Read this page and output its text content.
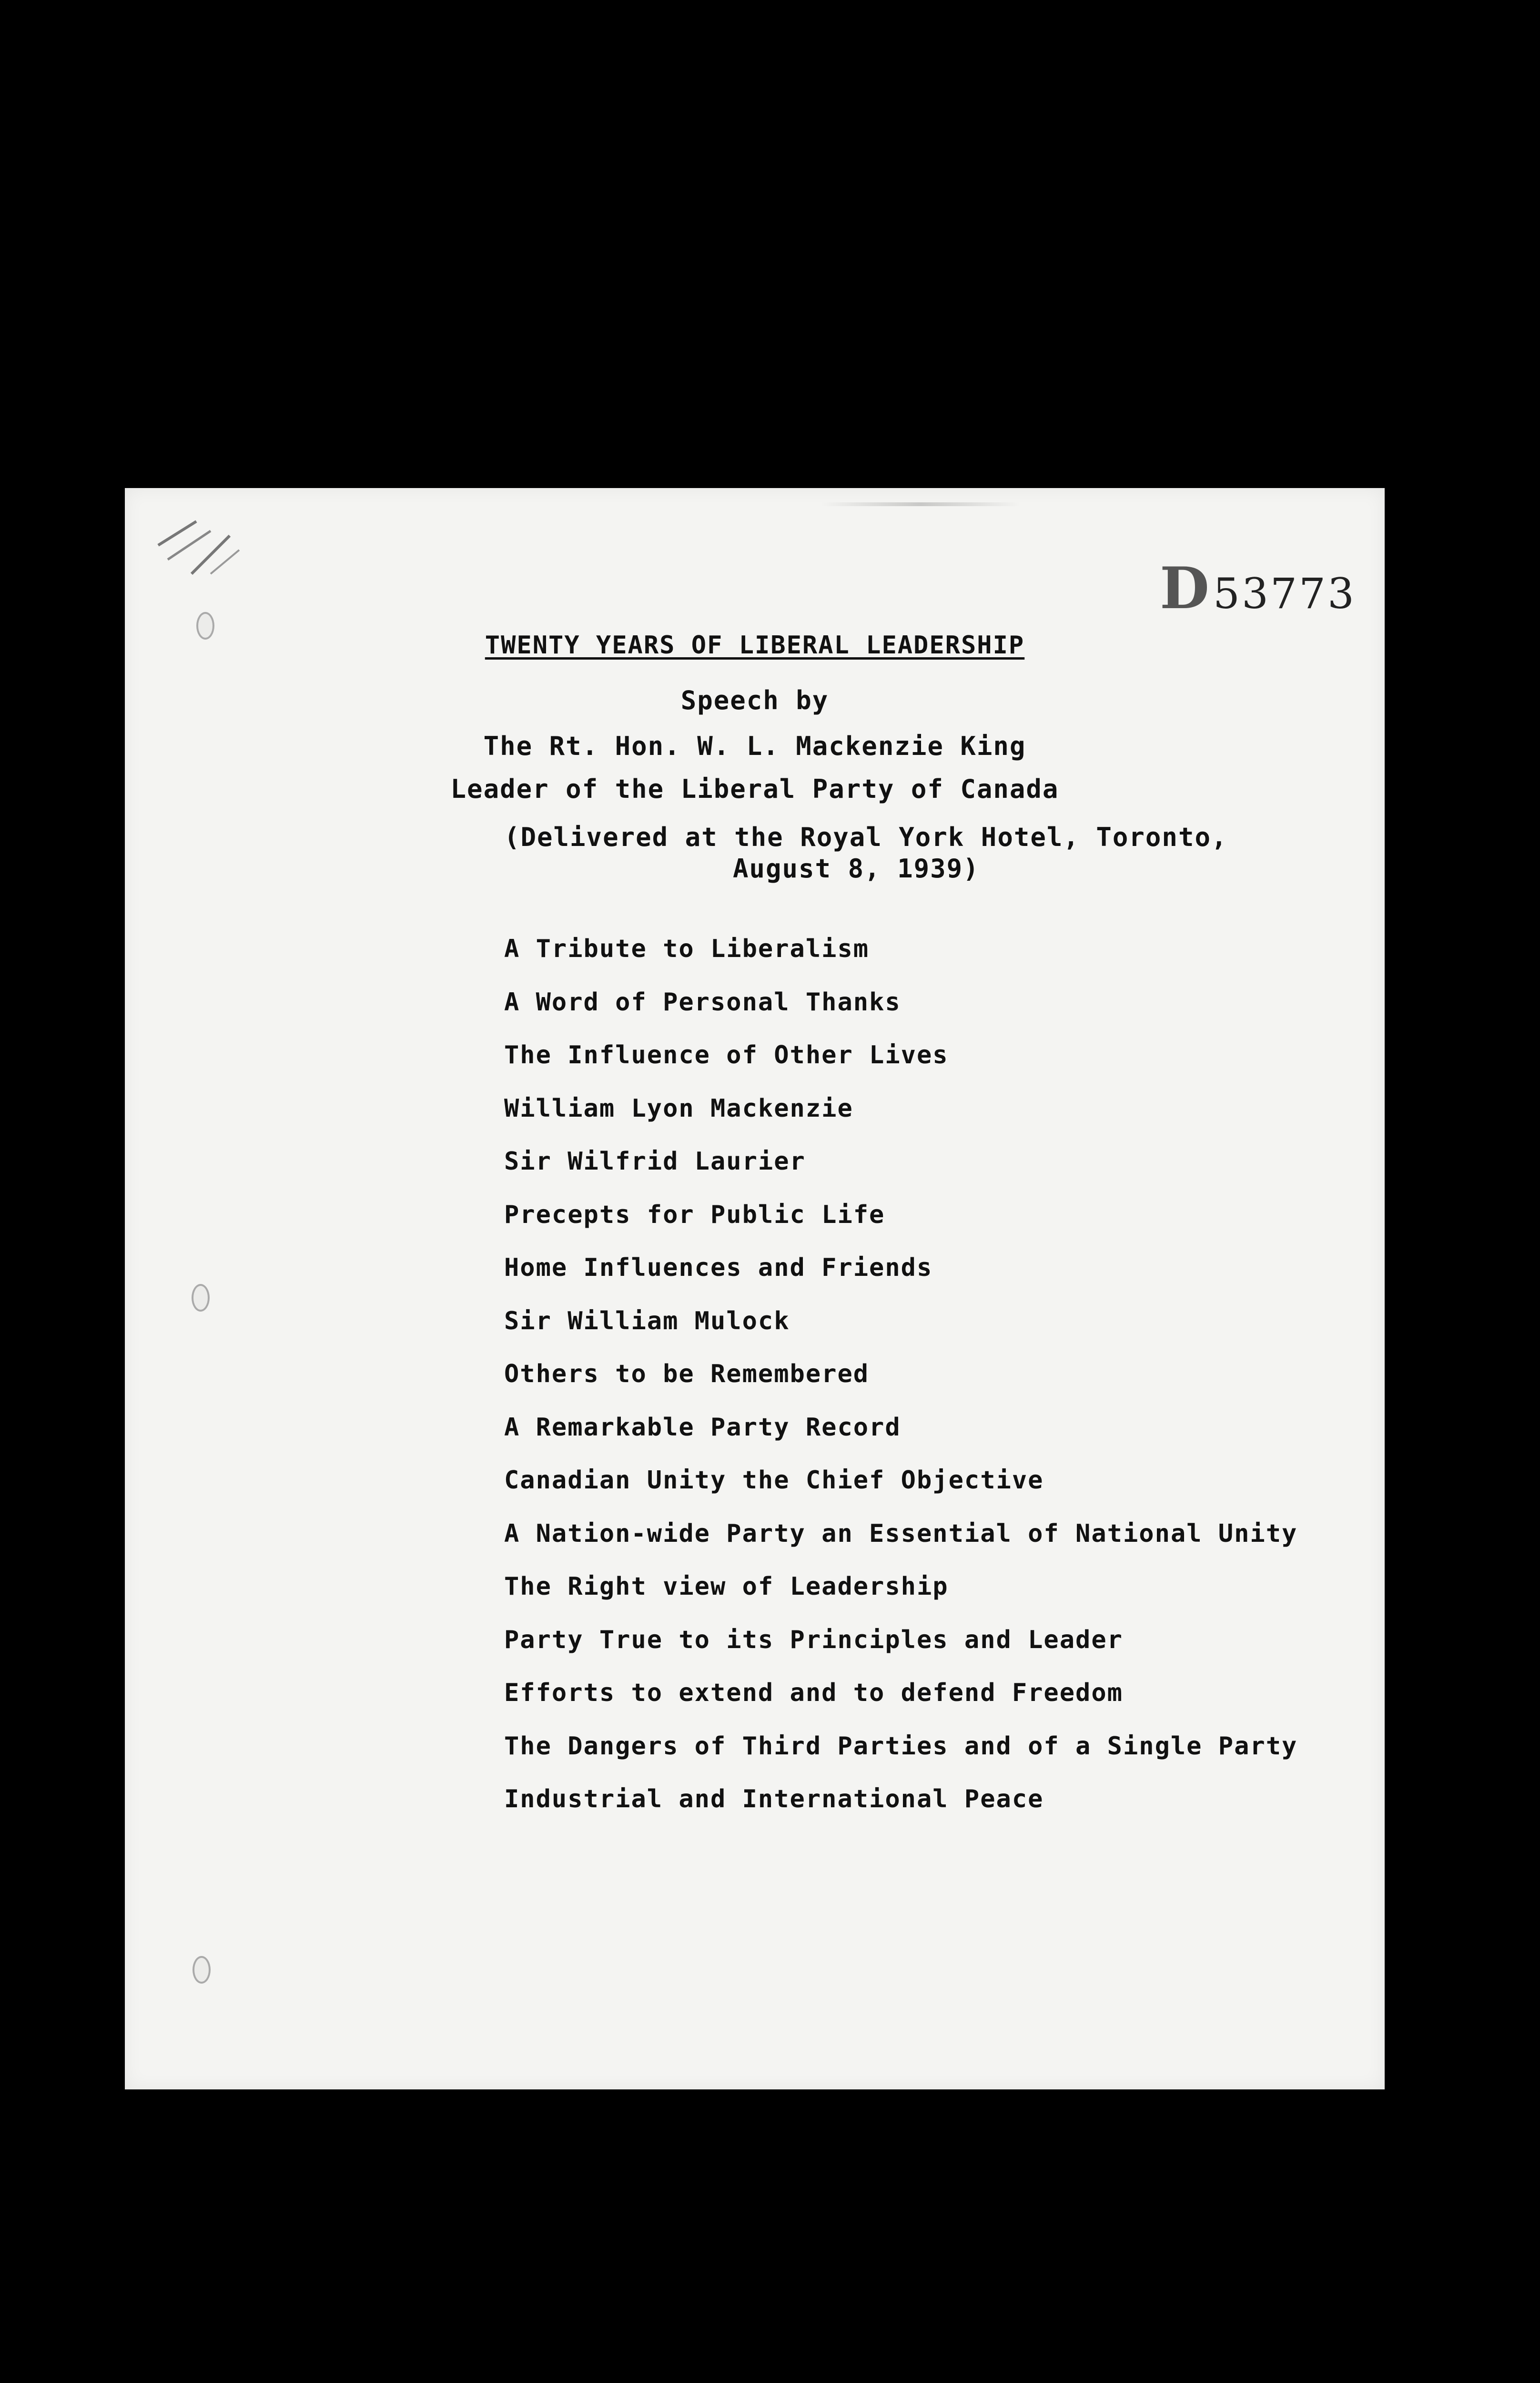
D 53773
TWENTY YEARS OF LIBERAL LEADERSHIP
Speech by
The Rt. Hon. W. L. Mackenzie King
Leader of the Liberal Party of Canada
(Delivered at the Royal York Hotel, Toronto,
August 8, 1939)
A Tribute to Liberalism
A Word of Personal Thanks
The Influence of Other Lives
William Lyon Mackenzie
Sir Wilfrid Laurier
Precepts for Public Life
Home Influences and Friends
Sir William Mulock
Others to be Remembered
A Remarkable Party Record
Canadian Unity the Chief Objective
A Nation-wide Party an Essential of National Unity
The Right view of Leadership
Party True to its Principles and Leader
Efforts to extend and to defend Freedom
The Dangers of Third Parties and of a Single Party
Industrial and International Peace
